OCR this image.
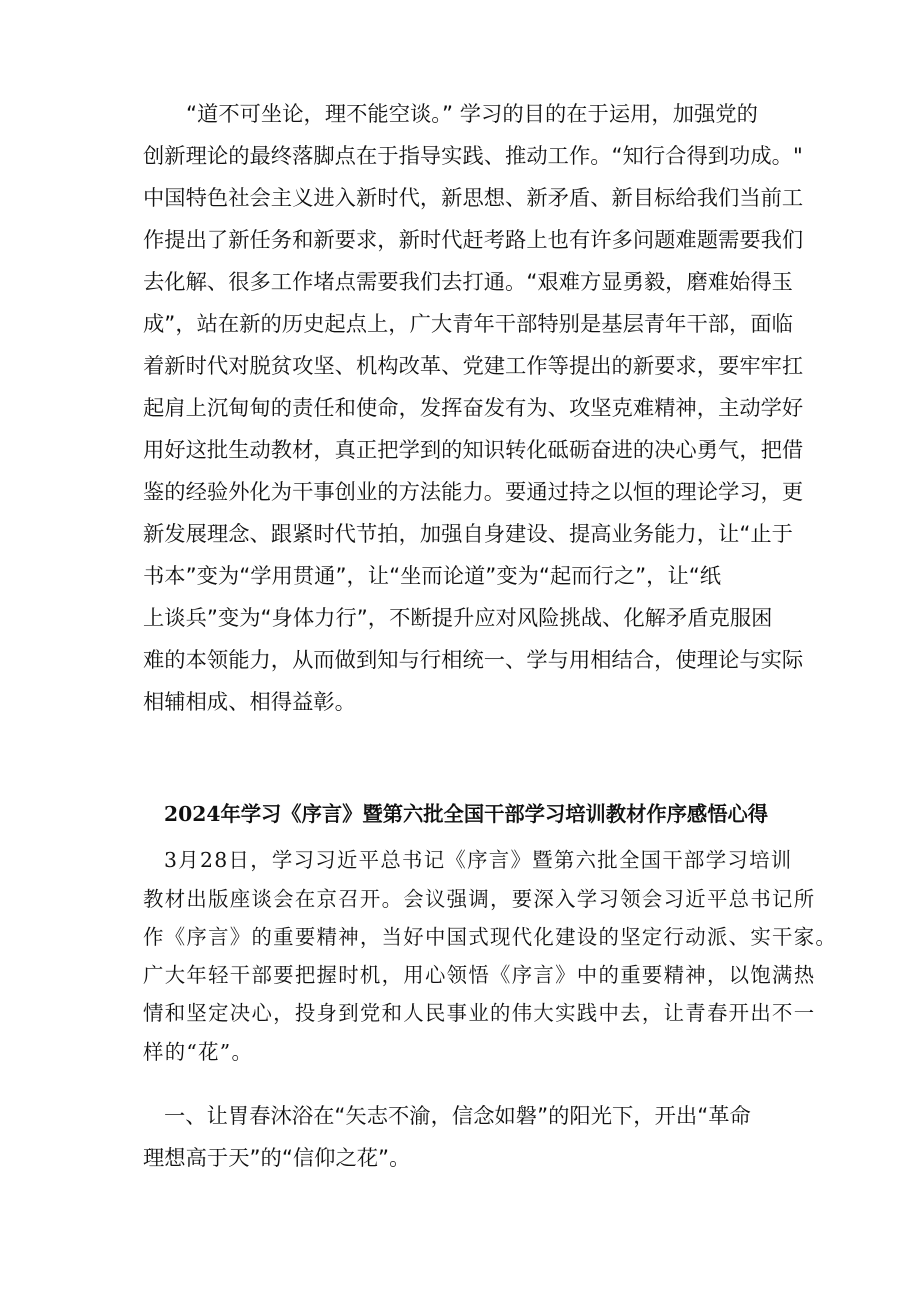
“道不可坐论，理不能空谈。” 学习的目的在于运用，加强党的
创新理论的最终落脚点在于指导实践、推动工作。“知行合得到功成。"
中国特色社会主义进入新时代，新思想、新矛盾、新目标给我们当前工
作提出了新任务和新要求，新时代赶考路上也有许多问题难题需要我们
去化解、很多工作堵点需要我们去打通。“艰难方显勇毅，磨难始得玉
成”，站在新的历史起点上，广大青年干部特别是基层青年干部，面临
着新时代对脱贫攻坚、机构改革、党建工作等提出的新要求，要牢牢扛
起肩上沉甸甸的责任和使命，发挥奋发有为、攻坚克难精神，主动学好
用好这批生动教材，真正把学到的知识转化砥砺奋进的决心勇气，把借
鉴的经验外化为干事创业的方法能力。要通过持之以恒的理论学习，更
新发展理念、跟紧时代节拍，加强自身建设、提高业务能力，让“止于
书本”变为“学用贯通”，让“坐而论道”变为“起而行之”，让“纸
上谈兵”变为“身体力行”，不断提升应对风险挑战、化解矛盾克服困
难的本领能力，从而做到知与行相统一、学与用相结合，使理论与实际
相辅相成、相得益彰。
2024年学习《序言》暨第六批全国干部学习培训教材作序感悟心得
3月28日，学习习近平总书记《序言》暨第六批全国干部学习培训
教材出版座谈会在京召开。会议强调，要深入学习领会习近平总书记所
作《序言》的重要精神，当好中国式现代化建设的坚定行动派、实干家。
广大年轻干部要把握时机，用心领悟《序言》中的重要精神，以饱满热
情和坚定决心，投身到党和人民事业的伟大实践中去，让青春开出不一
样的“花”。
一、让胃春沐浴在“矢志不渝，信念如磐”的阳光下，开出“革命
理想高于天”的“信仰之花”。
